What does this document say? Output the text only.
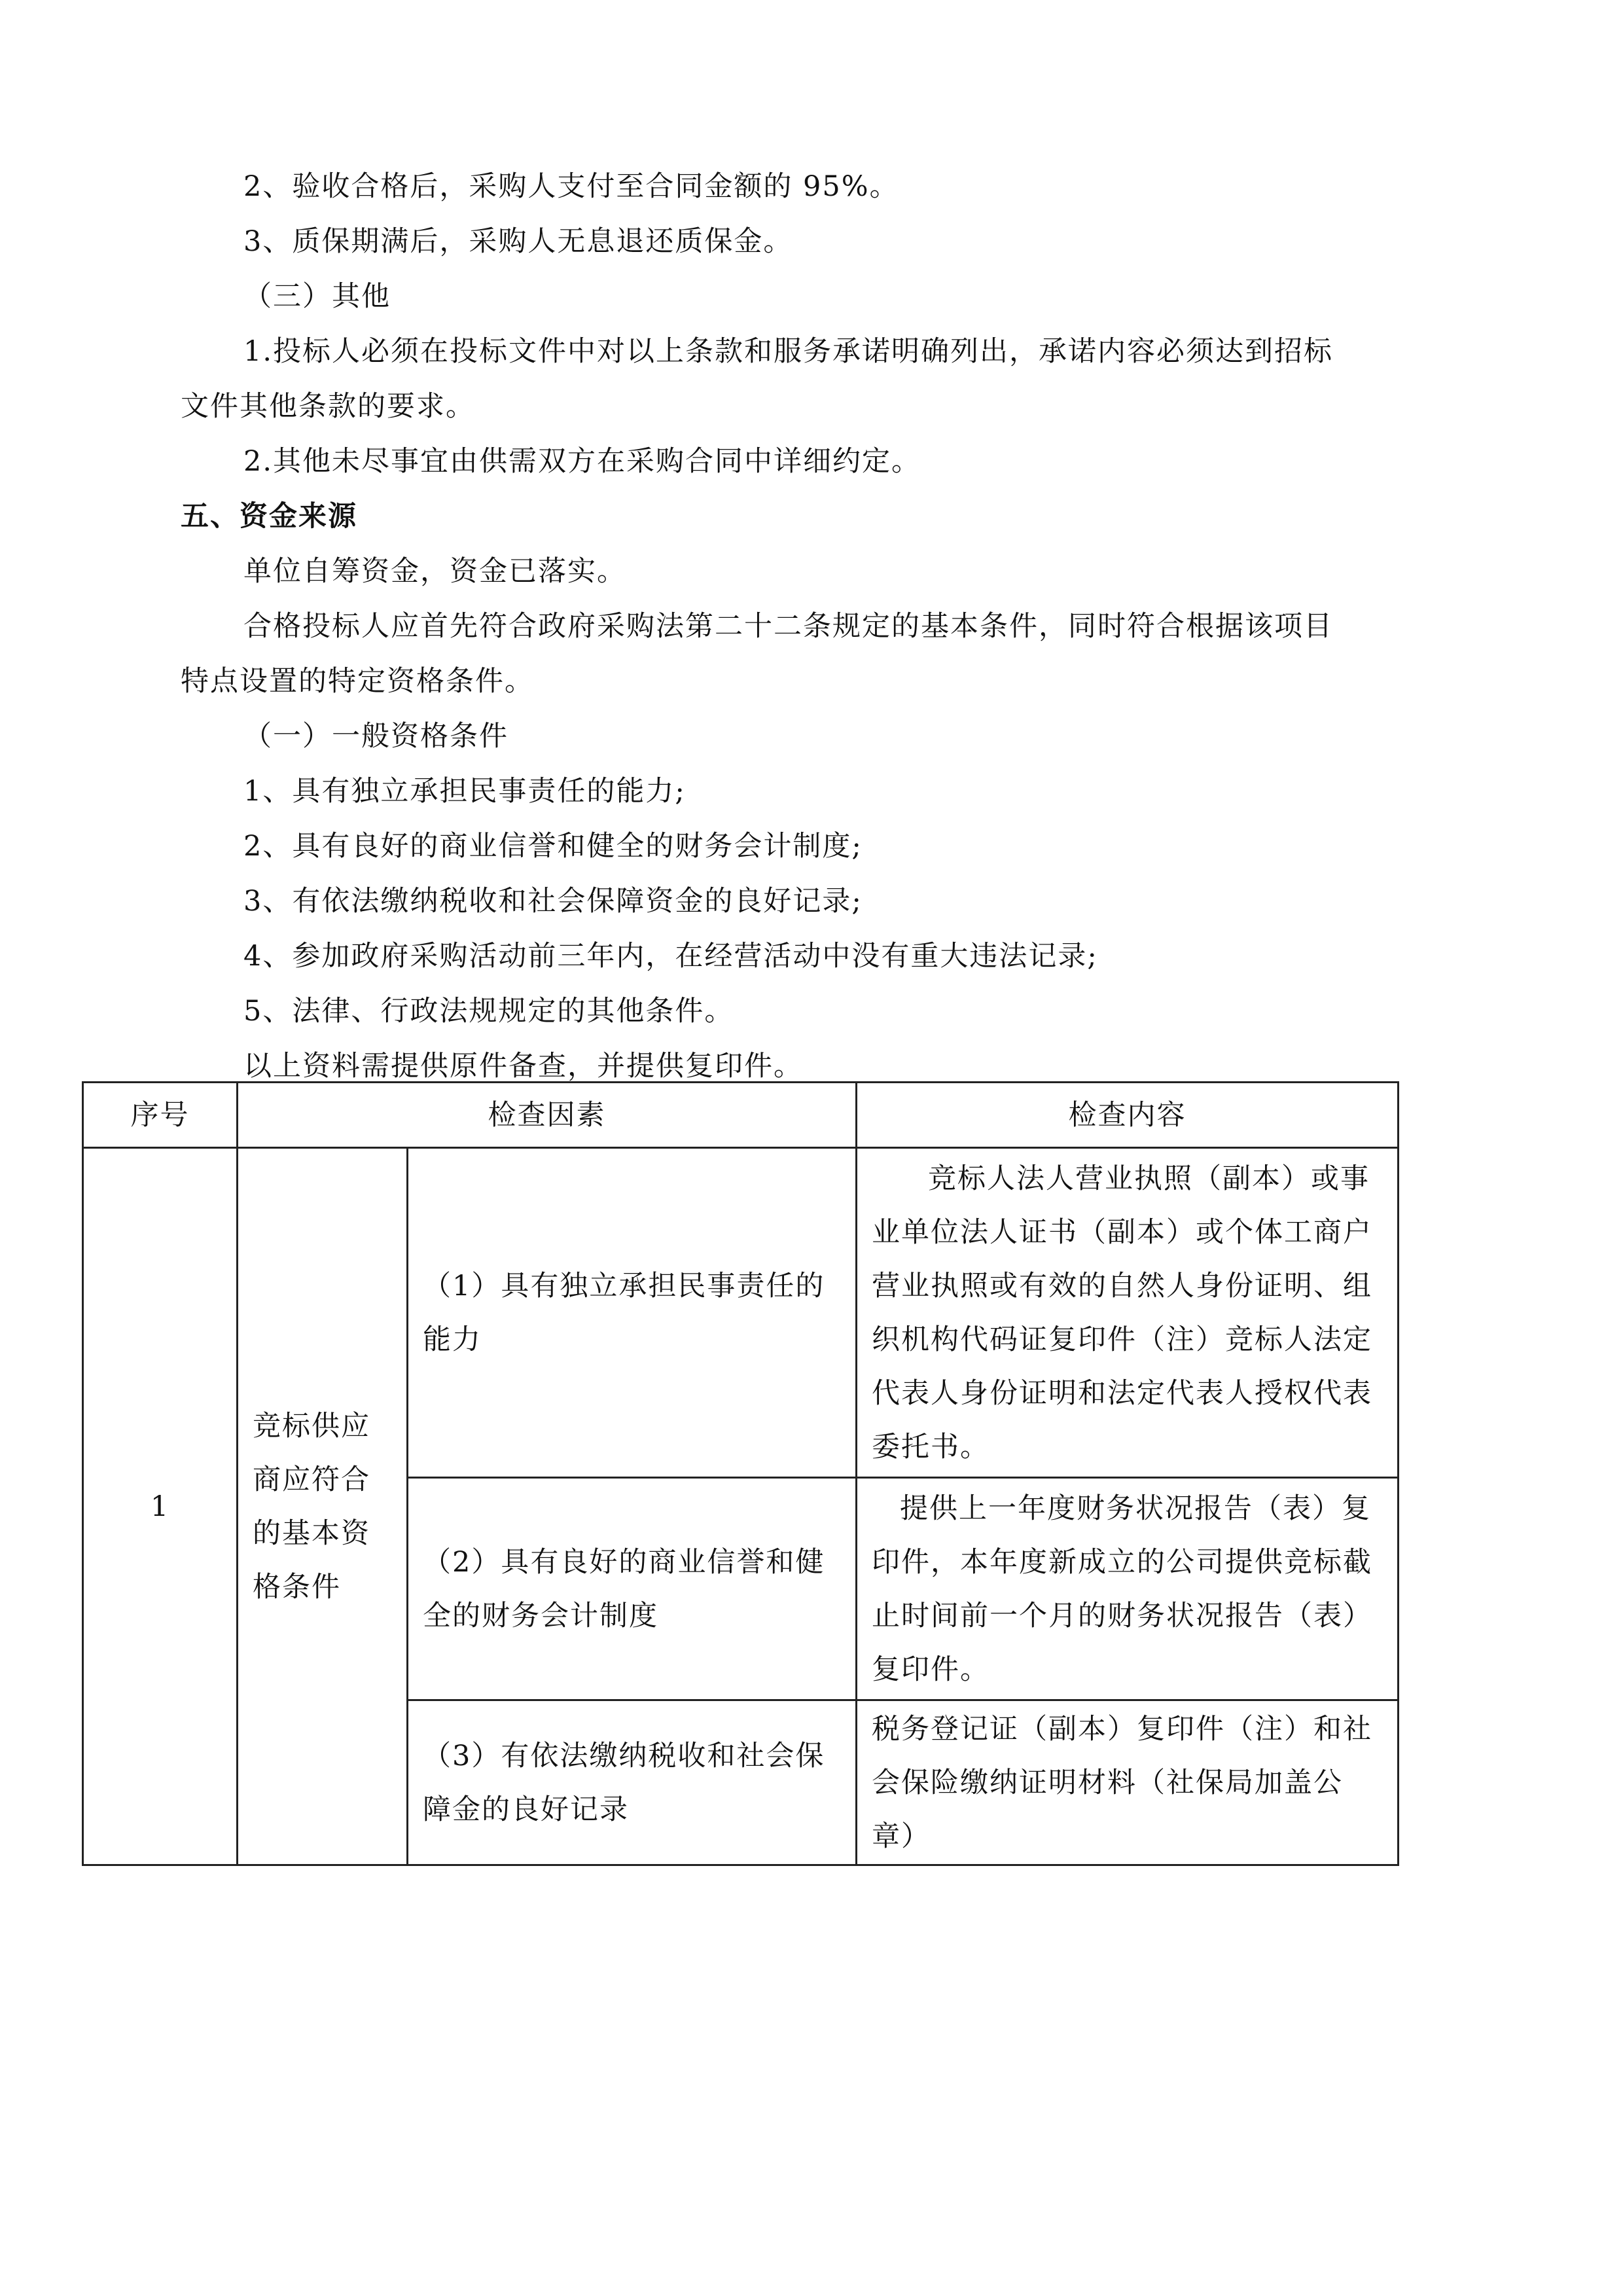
2、验收合格后，采购人支付至合同金额的 95%。
3、质保期满后，采购人无息退还质保金。
（三）其他
1.投标人必须在投标文件中对以上条款和服务承诺明确列出，承诺内容必须达到招标
文件其他条款的要求。
2.其他未尽事宜由供需双方在采购合同中详细约定。
五、资金来源
单位自筹资金，资金已落实。
合格投标人应首先符合政府采购法第二十二条规定的基本条件，同时符合根据该项目
特点设置的特定资格条件。
（一）一般资格条件
1、具有独立承担民事责任的能力;
2、具有良好的商业信誉和健全的财务会计制度;
3、有依法缴纳税收和社会保障资金的良好记录;
4、参加政府采购活动前三年内，在经营活动中没有重大违法记录;
5、法律、行政法规规定的其他条件。
以上资料需提供原件备查，并提供复印件。
序号	检查因素		检查内容
1	竞标供应商应符合的基本资格条件	（1）具有独立承担民事责任的能力	竞标人法人营业执照（副本）或事业单位法人证书（副本）或个体工商户营业执照或有效的自然人身份证明、组织机构代码证复印件（注）竞标人法定代表人身份证明和法定代表人授权代表委托书。

		（2）具有良好的商业信誉和健全的财务会计制度	提供上一年度财务状况报告（表）复印件，本年度新成立的公司提供竞标截止时间前一个月的财务状况报告（表）复印件。

		（3）有依法缴纳税收和社会保障金的良好记录	税务登记证（副本）复印件（注）和社会保险缴纳证明材料（社保局加盖公章）
